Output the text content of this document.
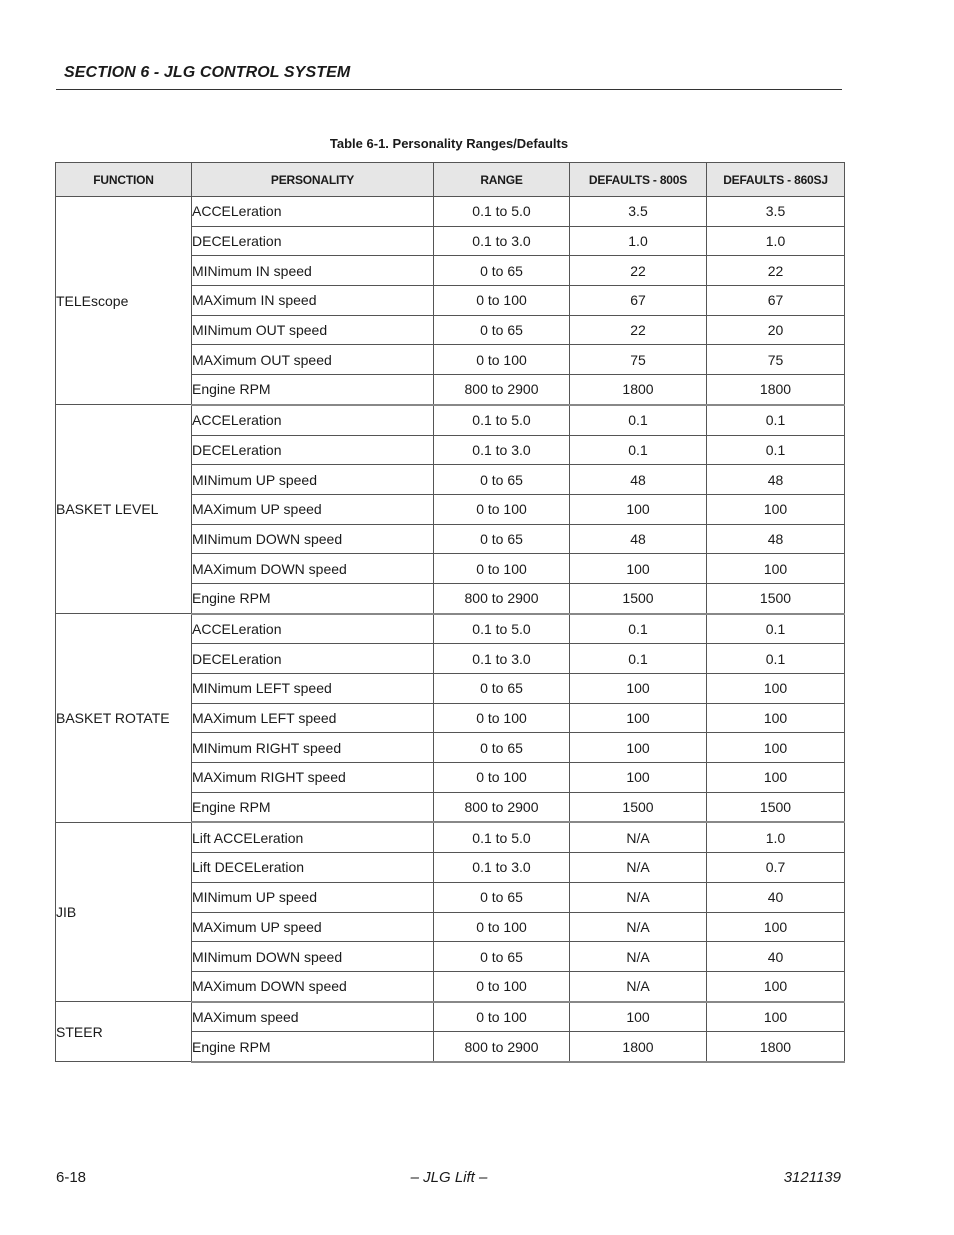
SECTION 6 - JLG CONTROL SYSTEM
Table 6-1. Personality Ranges/Defaults
FUNCTION	PERSONALITY	RANGE	DEFAULTS - 800S	DEFAULTS - 860SJ
TELEscope	ACCELeration	0.1 to 5.0	3.5	3.5
	DECELeration	0.1 to 3.0	1.0	1.0
	MINimum IN speed	0 to 65	22	22
	MAXimum IN speed	0 to 100	67	67
	MINimum OUT speed	0 to 65	22	20
	MAXimum OUT speed	0 to 100	75	75
	Engine RPM	800 to 2900	1800	1800
BASKET LEVEL	ACCELeration	0.1 to 5.0	0.1	0.1
	DECELeration	0.1 to 3.0	0.1	0.1
	MINimum UP speed	0 to 65	48	48
	MAXimum UP speed	0 to 100	100	100
	MINimum DOWN speed	0 to 65	48	48
	MAXimum DOWN speed	0 to 100	100	100
	Engine RPM	800 to 2900	1500	1500
BASKET ROTATE	ACCELeration	0.1 to 5.0	0.1	0.1
	DECELeration	0.1 to 3.0	0.1	0.1
	MINimum LEFT speed	0 to 65	100	100
	MAXimum LEFT speed	0 to 100	100	100
	MINimum RIGHT speed	0 to 65	100	100
	MAXimum RIGHT speed	0 to 100	100	100
	Engine RPM	800 to 2900	1500	1500
JIB	Lift ACCELeration	0.1 to 5.0	N/A	1.0
	Lift DECELeration	0.1 to 3.0	N/A	0.7
	MINimum UP speed	0 to 65	N/A	40
	MAXimum UP speed	0 to 100	N/A	100
	MINimum DOWN speed	0 to 65	N/A	40
	MAXimum DOWN speed	0 to 100	N/A	100
STEER	MAXimum speed	0 to 100	100	100
	Engine RPM	800 to 2900	1800	1800
6-18	– JLG Lift –	3121139
